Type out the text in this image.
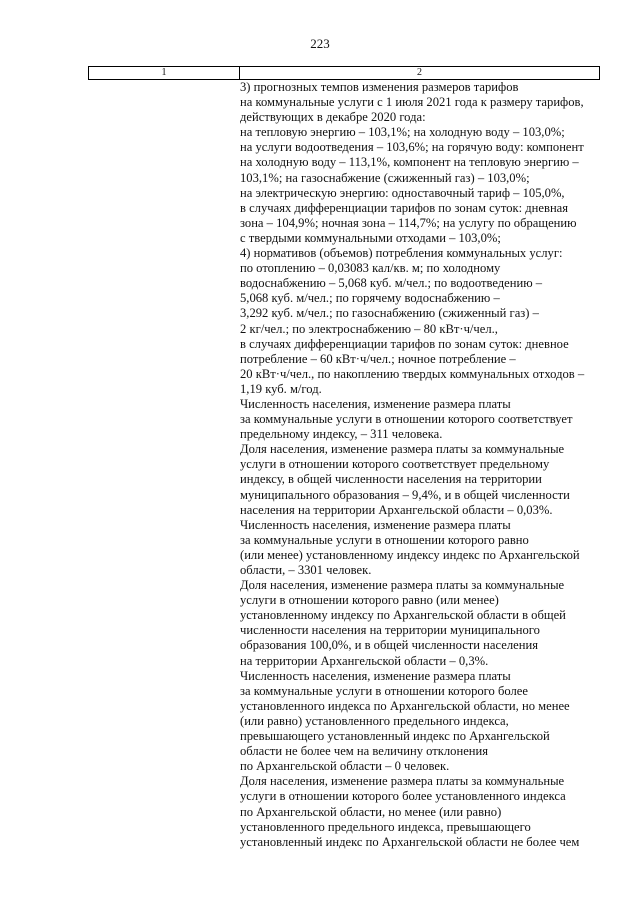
223
1	2
3) прогнозных темпов изменения размеров тарифов
на коммунальные услуги с 1 июля 2021 года к размеру тарифов,
действующих в декабре 2020 года:
на тепловую энергию – 103,1%; на холодную воду – 103,0%;
на услуги водоотведения – 103,6%; на горячую воду: компонент
на холодную воду – 113,1%, компонент на тепловую энергию –
103,1%; на газоснабжение (сжиженный газ) – 103,0%;
на электрическую энергию: одноставочный тариф – 105,0%,
в случаях дифференциации тарифов по зонам суток: дневная
зона – 104,9%; ночная зона – 114,7%; на услугу по обращению
с твердыми коммунальными отходами – 103,0%;
4) нормативов (объемов) потребления коммунальных услуг:
по отоплению – 0,03083 кал/кв. м; по холодному
водоснабжению – 5,068 куб. м/чел.; по водоотведению –
5,068 куб. м/чел.; по горячему водоснабжению –
3,292 куб. м/чел.; по газоснабжению (сжиженный газ) –
2 кг/чел.; по электроснабжению – 80 кВт·ч/чел.,
в случаях дифференциации тарифов по зонам суток: дневное
потребление – 60 кВт·ч/чел.; ночное потребление –
20 кВт·ч/чел., по накоплению твердых коммунальных отходов –
1,19 куб. м/год.
Численность населения, изменение размера платы
за коммунальные услуги в отношении которого соответствует
предельному индексу, – 311 человека.
Доля населения, изменение размера платы за коммунальные
услуги в отношении которого соответствует предельному
индексу, в общей численности населения на территории
муниципального образования – 9,4%, и в общей численности
населения на территории Архангельской области – 0,03%.
Численность населения, изменение размера платы
за коммунальные услуги в отношении которого равно
(или менее) установленному индексу индекс по Архангельской
области, – 3301 человек.
Доля населения, изменение размера платы за коммунальные
услуги в отношении которого равно (или менее)
установленному индексу по Архангельской области в общей
численности населения на территории муниципального
образования 100,0%, и в общей численности населения
на территории Архангельской области – 0,3%.
Численность населения, изменение размера платы
за коммунальные услуги в отношении которого более
установленного индекса по Архангельской области, но менее
(или равно) установленного предельного индекса,
превышающего установленный индекс по Архангельской
области не более чем на величину отклонения
по Архангельской области – 0 человек.
Доля населения, изменение размера платы за коммунальные
услуги в отношении которого более установленного индекса
по Архангельской области, но менее (или равно)
установленного предельного индекса, превышающего
установленный индекс по Архангельской области не более чем
